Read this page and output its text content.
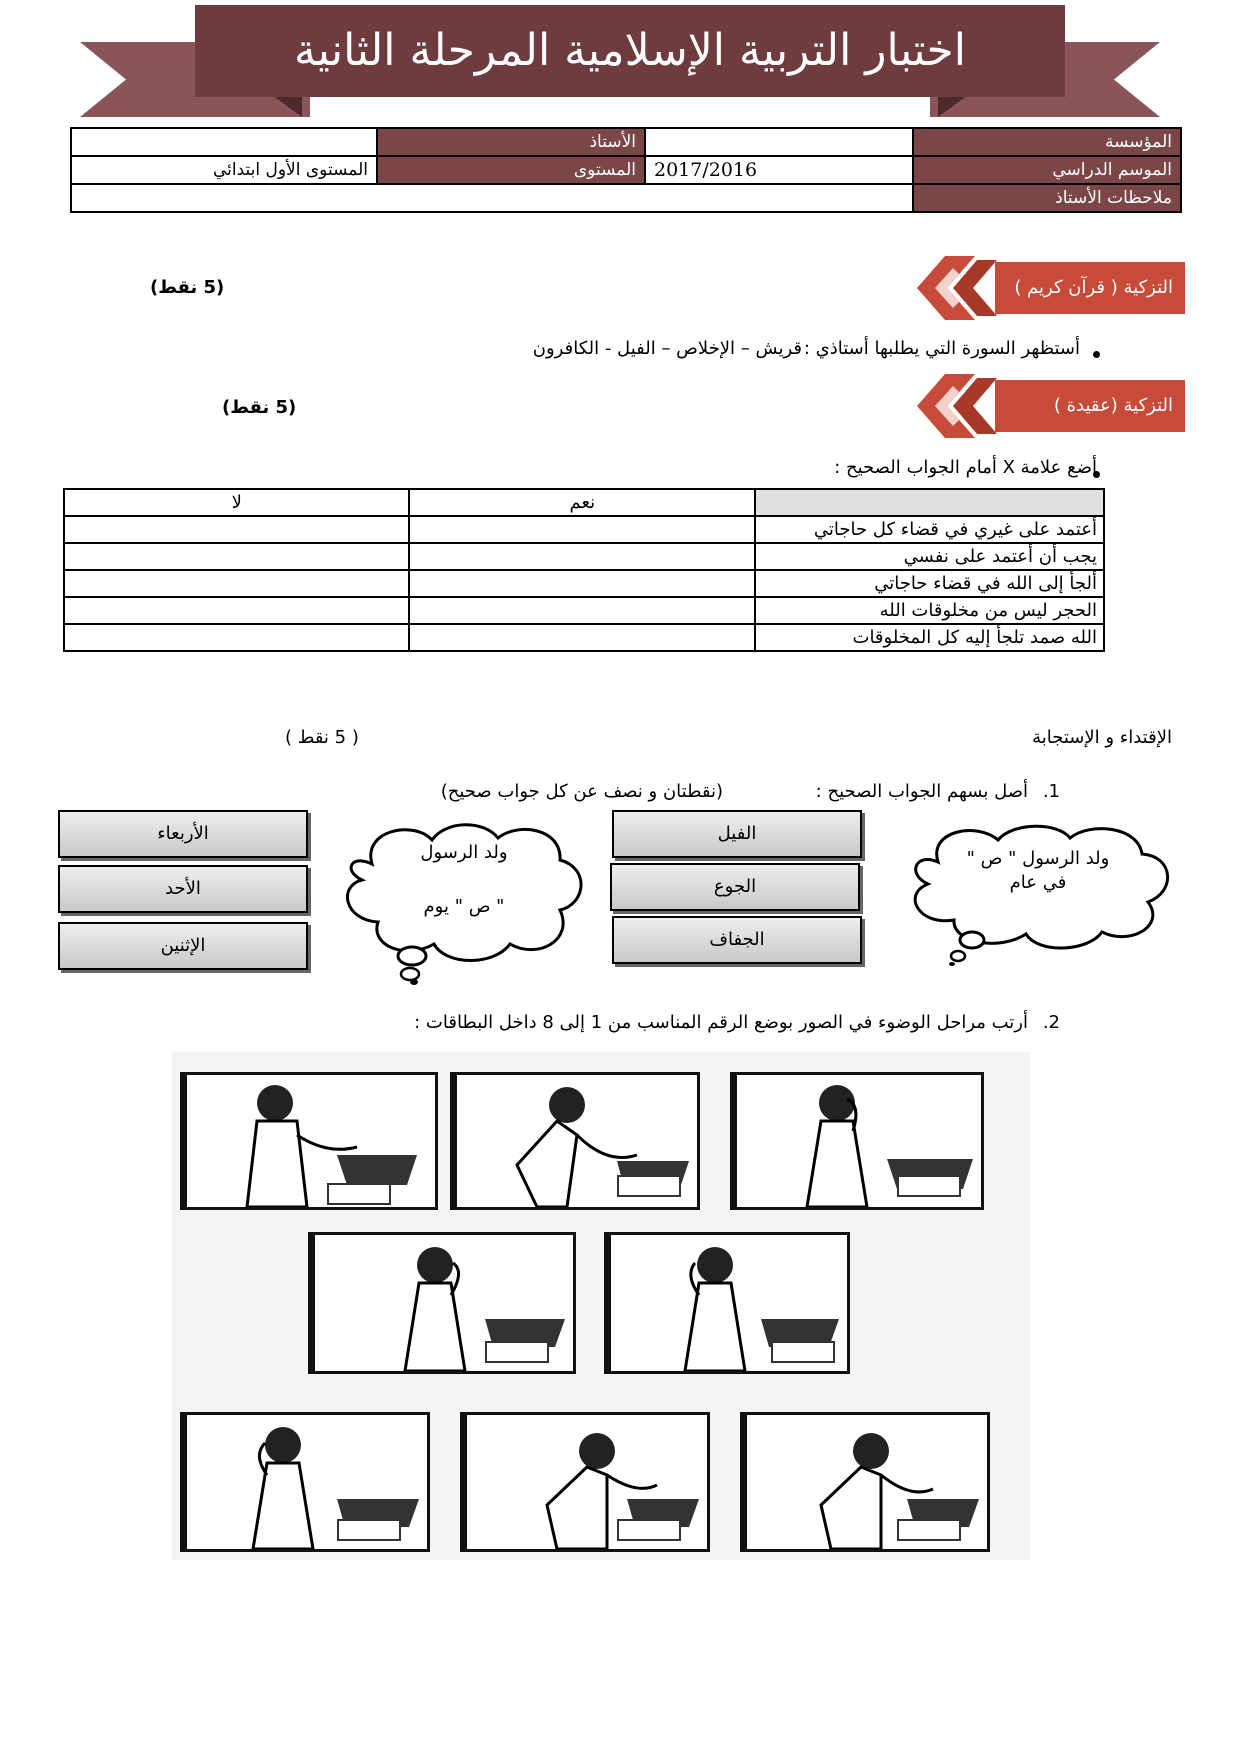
اختبار التربية الإسلامية المرحلة الثانية
المؤسسة		الأستاذ	
الموسم الدراسي	2017/2016	المستوى	المستوى الأول ابتدائي
ملاحظات الأستاذ			
التزكية ( قرآن كريم )
(5 نقط)
أستظهر السورة التي يطلبها أستاذي :
قريش – الإخلاص – الفيل - الكافرون
التزكية (عقيدة )
(5 نقط)
أضع علامة X أمام الجواب الصحيح :
	نعم	لا
أعتمد على غيري في قضاء كل حاجاتي		
يجب أن أعتمد على نفسي		
ألجأ إلى الله في قضاء حاجاتي		
الحجر ليس من مخلوقات الله		
الله صمد تلجأ إليه كل المخلوقات		
الإقتداء و الإستجابة
( 5 نقط )
1.
أصل بسهم الجواب الصحيح :
(نقطتان و نصف عن كل جواب صحيح)
ولد الرسول " ص "
في عام
الفيل
الجوع
الجفاف
ولد الرسول
" ص " يوم
الأربعاء
الأحد
الإثنين
2.
أرتب مراحل الوضوء في الصور بوضع الرقم المناسب من 1 إلى 8 داخل البطاقات :
